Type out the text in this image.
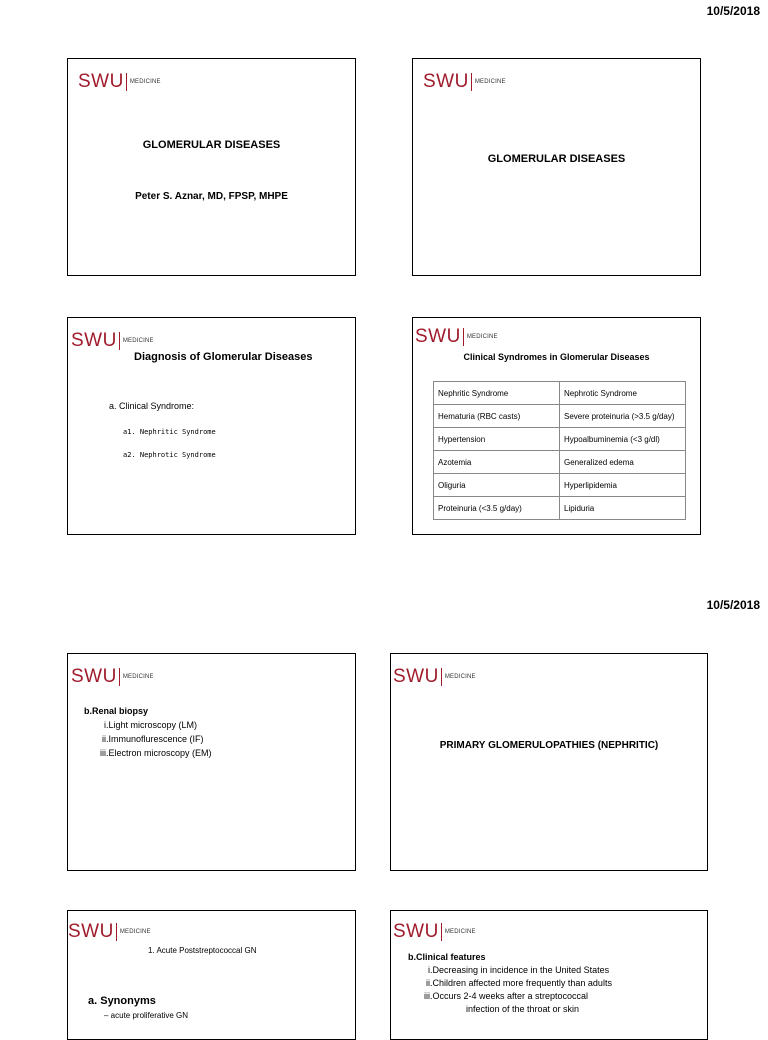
10/5/2018
SWU MEDICINE
GLOMERULAR DISEASES
Peter S. Aznar, MD, FPSP, MHPE
SWU MEDICINE
GLOMERULAR DISEASES
SWU MEDICINE
Diagnosis of Glomerular Diseases
a. Clinical Syndrome:
a1. Nephritic Syndrome
a2. Nephrotic Syndrome
SWU MEDICINE
Clinical Syndromes in Glomerular Diseases
Nephritic Syndrome	Nephrotic Syndrome
Hematuria (RBC casts)	Severe proteinuria (>3.5 g/day)
Hypertension	Hypoalbuminemia (<3 g/dl)
Azotemia	Generalized edema
Oliguria	Hyperlipidemia
Proteinuria (<3.5 g/day)	Lipiduria
10/5/2018
SWU MEDICINE
b.Renal biopsy
i.Light microscopy (LM)
ii.Immunoflurescence (IF)
iii.Electron microscopy (EM)
SWU MEDICINE
PRIMARY GLOMERULOPATHIES (NEPHRITIC)
SWU MEDICINE
1. Acute Poststreptococcal GN
a. Synonyms
– acute proliferative GN
SWU MEDICINE
b.Clinical features
i.Decreasing in incidence in the United States
ii.Children affected more frequently than adults
iii.Occurs 2-4 weeks after a streptococcal
infection of the throat or skin
